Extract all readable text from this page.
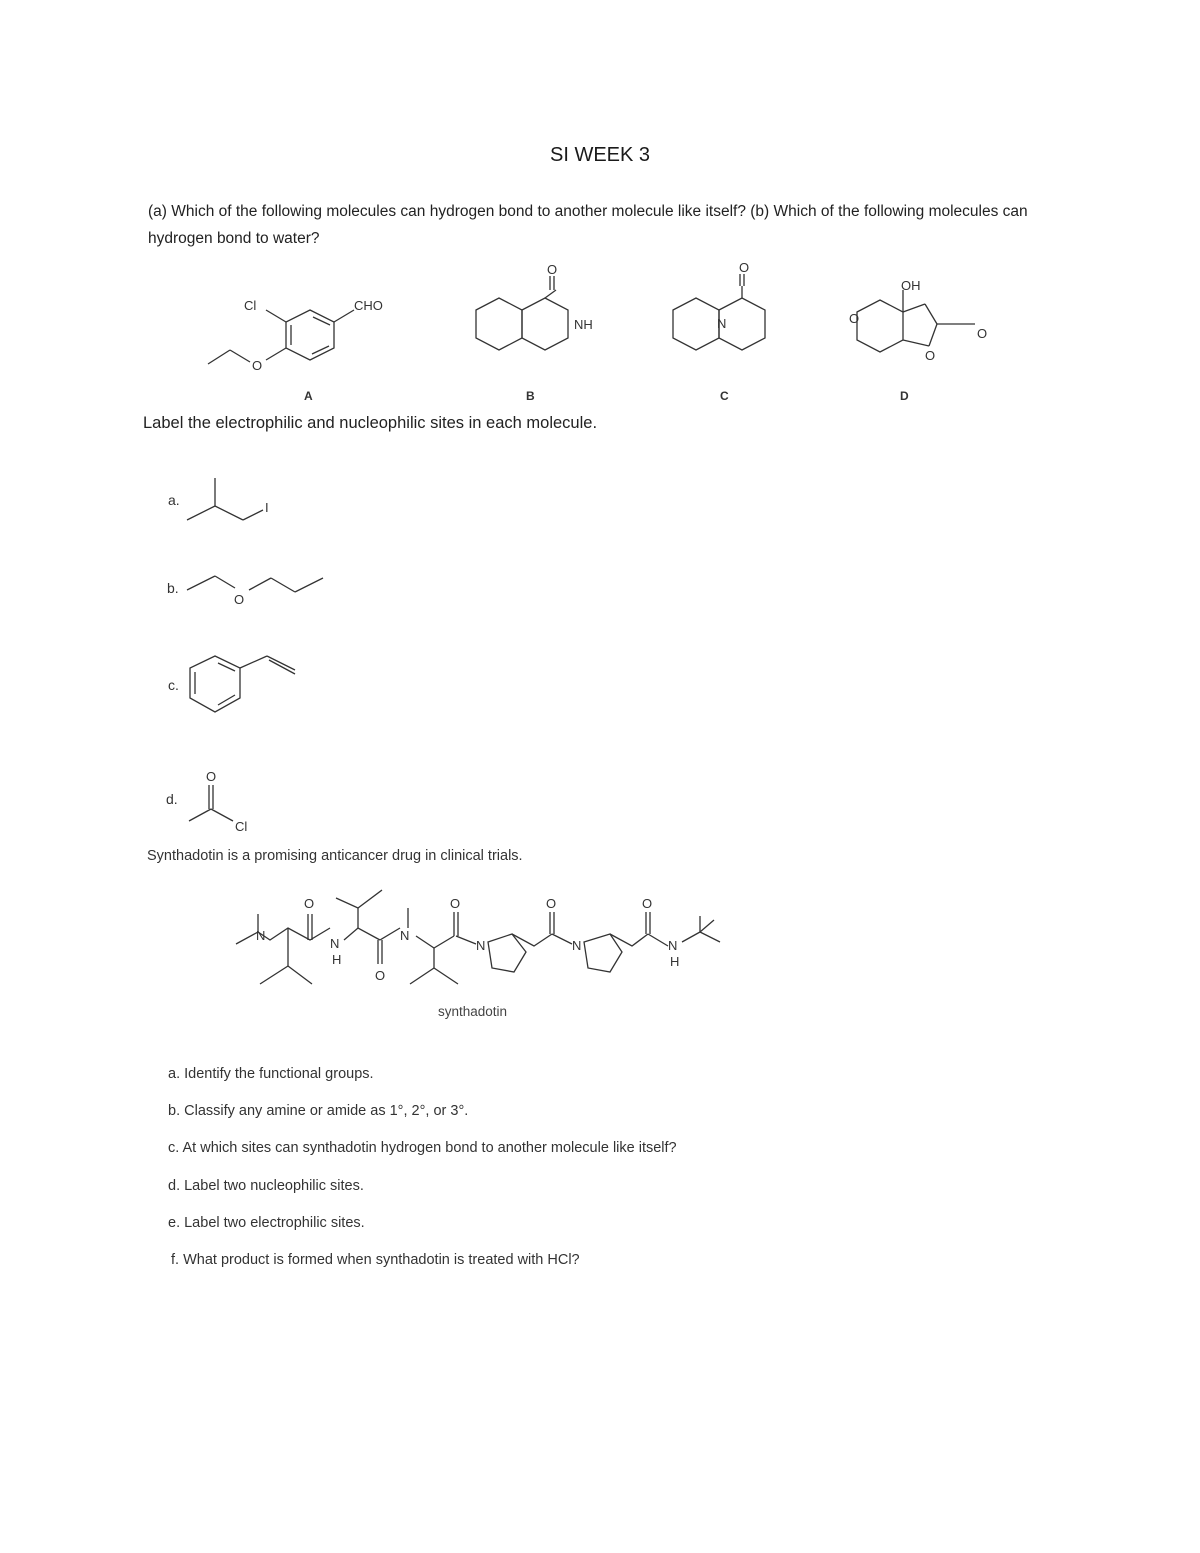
SI WEEK 3
(a) Which of the following molecules can hydrogen bond to another molecule like itself? (b) Which of the following molecules can hydrogen bond to water?
Cl	CHO
O
A
O
NH
B
O
N
C
OH
O
O
O
D
Label the electrophilic and nucleophilic sites in each molecule.
a.	I
b.
O
c.
d.
O
Cl
Synthadotin is a promising anticancer drug in clinical trials.
N
O
N
H
O
N
O
N
O
N
O
N
H
synthadotin
a. Identify the functional groups.
b. Classify any amine or amide as 1°, 2°, or 3°.
c. At which sites can synthadotin hydrogen bond to another molecule like itself?
d. Label two nucleophilic sites.
e. Label two electrophilic sites.
f. What product is formed when synthadotin is treated with HCl?
